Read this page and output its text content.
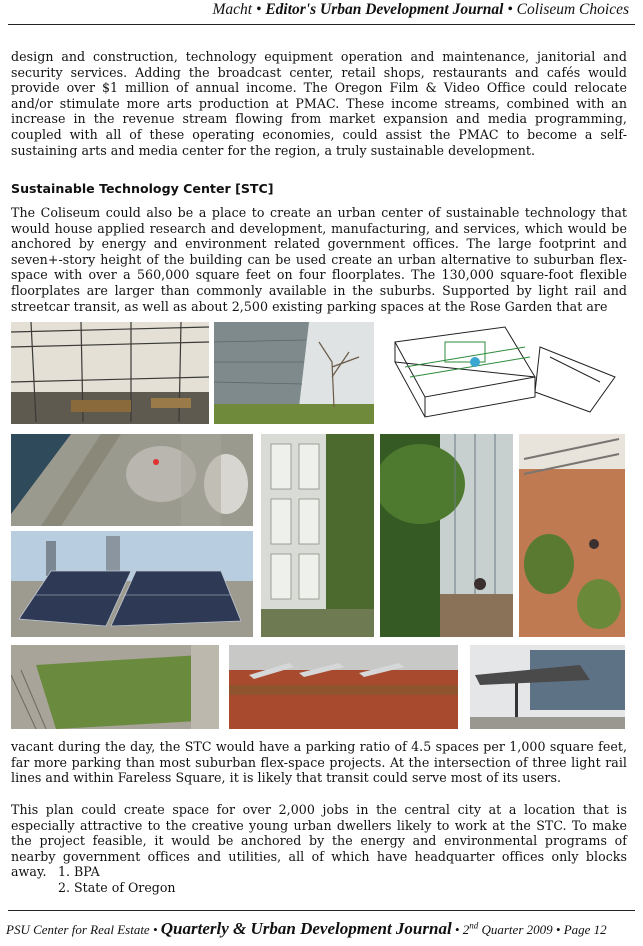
Macht • Editor's Urban Development Journal • Coliseum Choices
design and construction, technology equipment operation and maintenance, janitorial and security services. Adding the broadcast center, retail shops, restaurants and cafés would provide over $1 million of annual income. The Oregon Film & Video Office could relocate and/or stimulate more arts production at PMAC. These income streams, combined with an increase in the revenue stream flowing from market expansion and media programming, coupled with all of these operating economies, could assist the PMAC to become a self-sustaining arts and media center for the region, a truly sustainable development.
Sustainable Technology Center [STC]
The Coliseum could also be a place to create an urban center of sustainable technology that would house applied research and development, manufacturing, and services, which would be anchored by energy and environment related government offices. The large footprint and seven+-story height of the building can be used create an urban alternative to suburban flex-space with over a 560,000 square feet on four floorplates. The 130,000 square-foot flexible floorplates are larger than commonly available in the suburbs. Supported by light rail and streetcar transit, as well as about 2,500 existing parking spaces at the Rose Garden that are
vacant during the day, the STC would have a parking ratio of 4.5 spaces per 1,000 square feet, far more parking than most suburban flex-space projects. At the intersection of three light rail lines and within Fareless Square, it is likely that transit could serve most of its users.
This plan could create space for over 2,000 jobs in the central city at a location that is especially attractive to the creative young urban dwellers likely to work at the STC. To make the project feasible, it would be anchored by the energy and environmental programs of nearby government offices and utilities, all of which have headquarter offices only blocks away. 1. BPA
2. State of Oregon
PSU Center for Real Estate • Quarterly & Urban Development Journal • 2nd Quarter 2009 • Page 12
